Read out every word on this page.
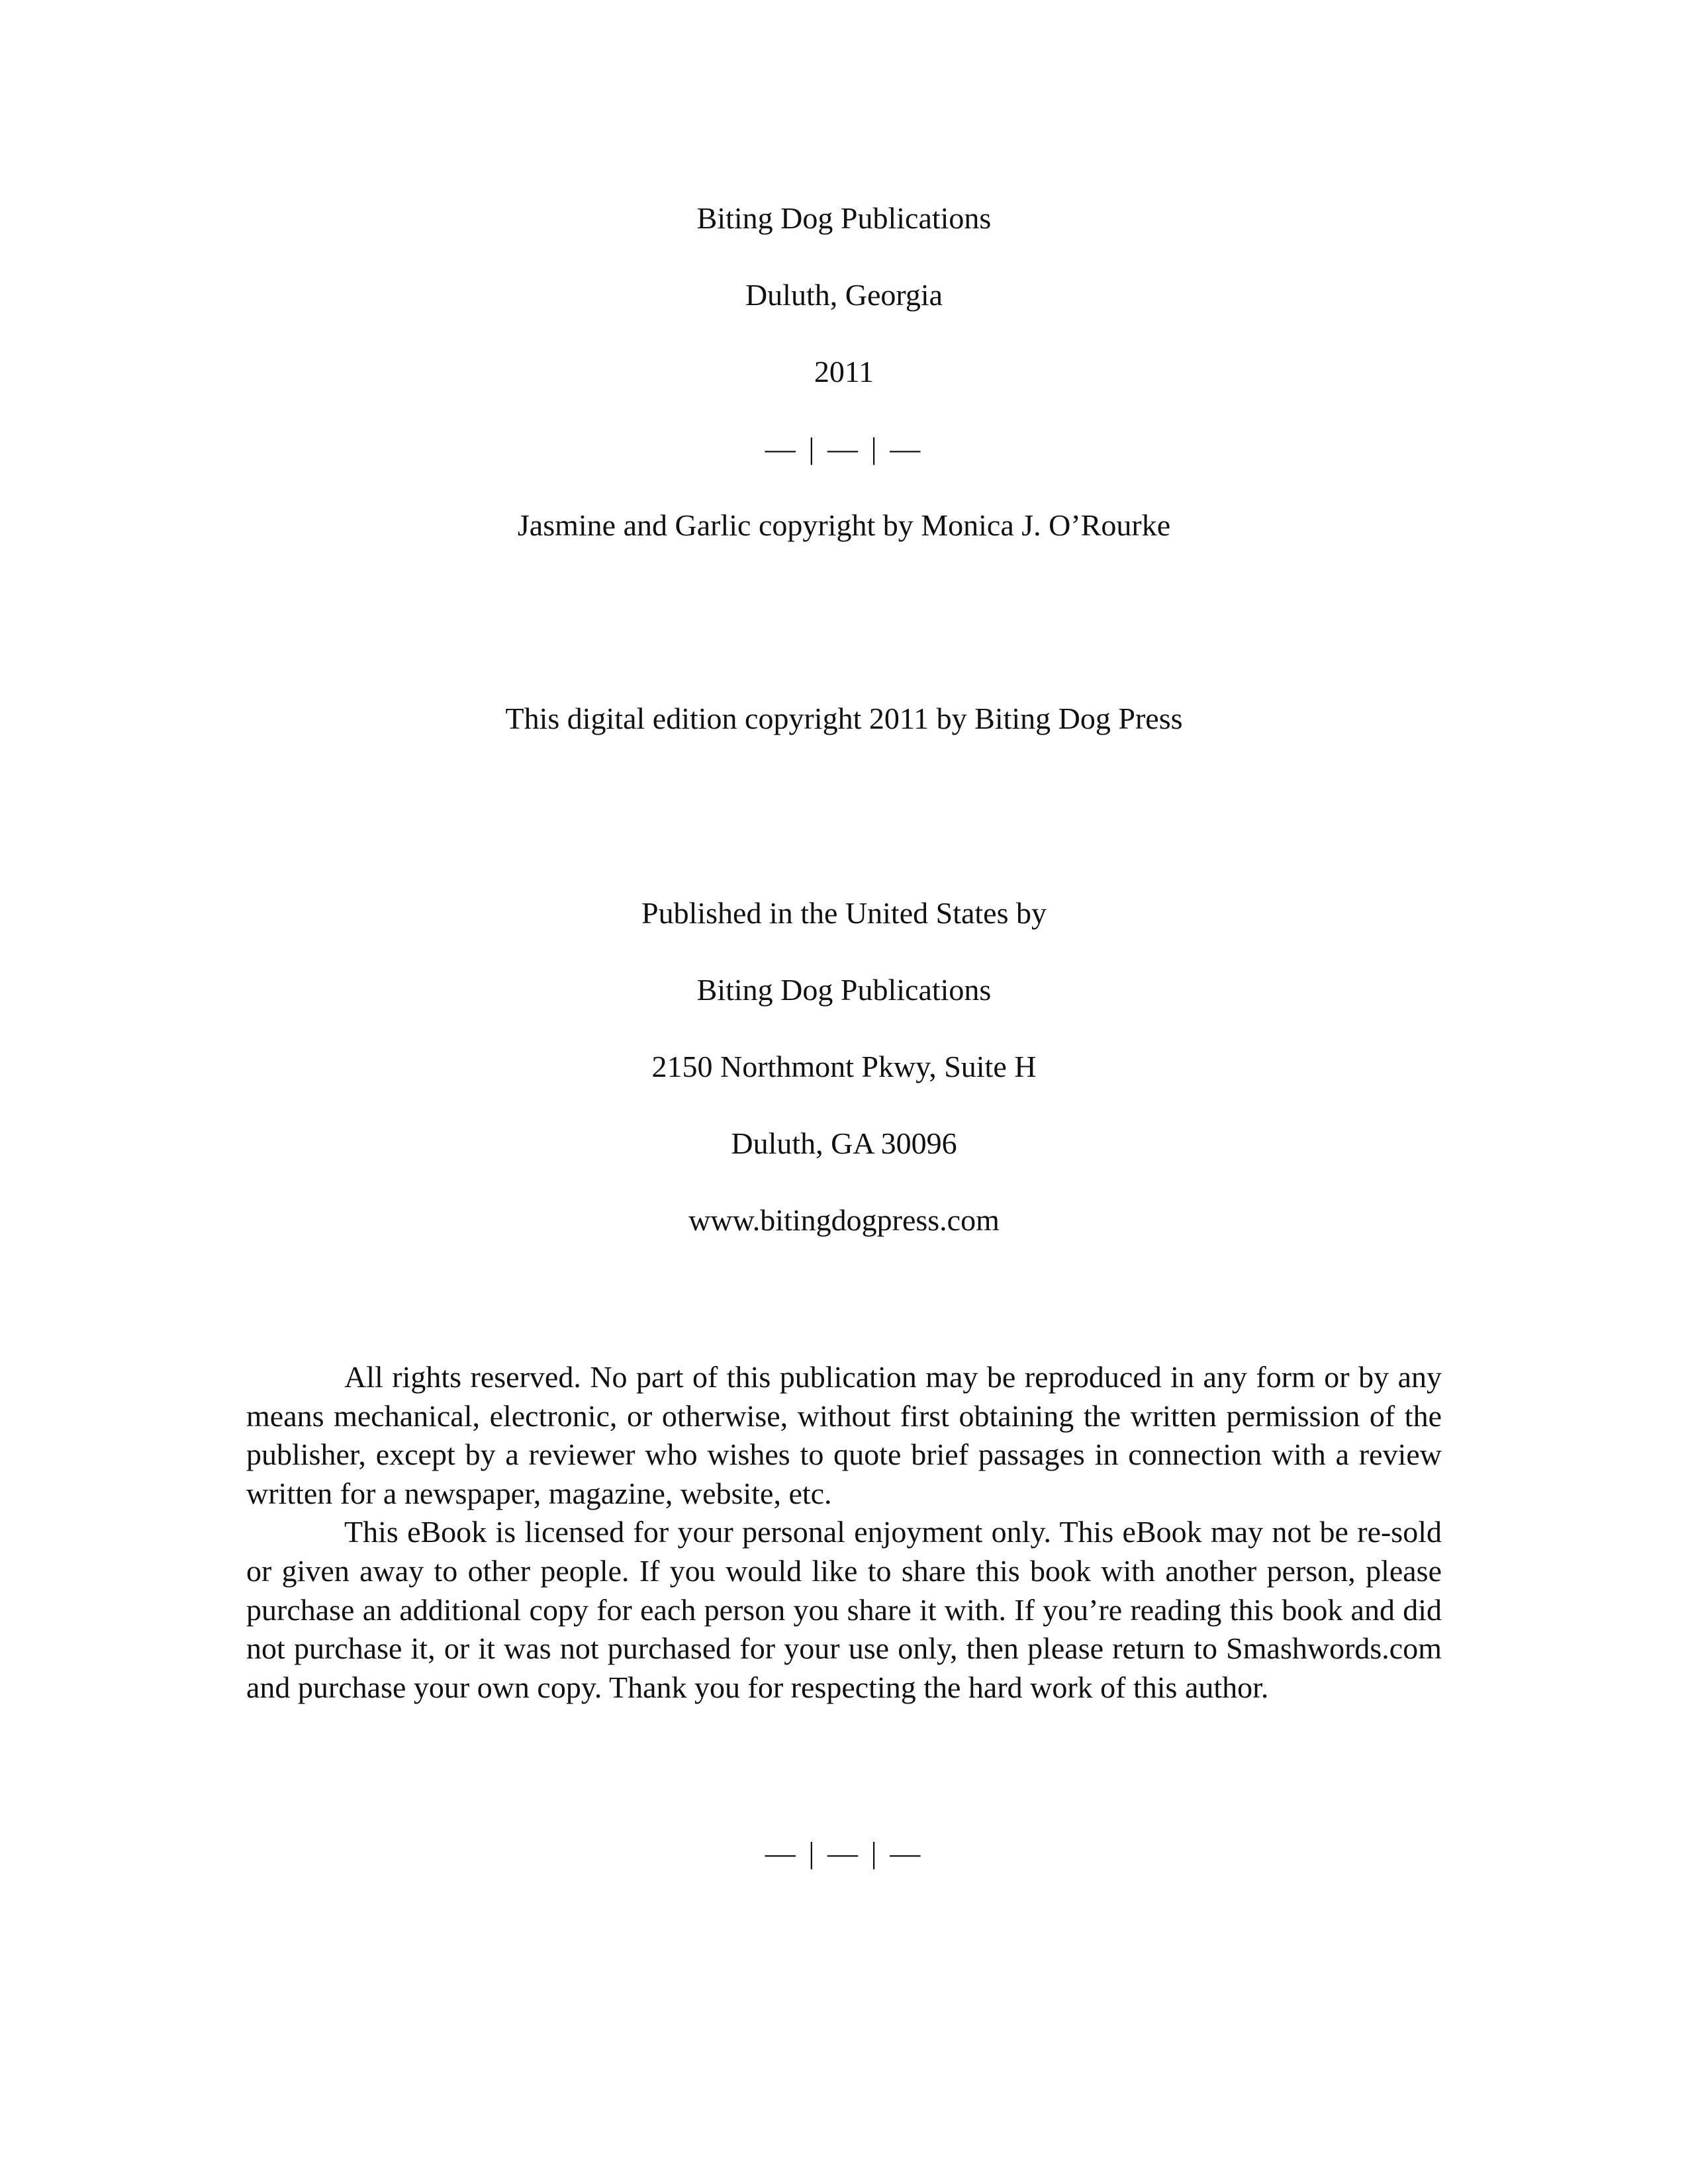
Biting Dog Publications
Duluth, Georgia
2011
— | — | —
Jasmine and Garlic copyright by Monica J. O’Rourke
This digital edition copyright 2011 by Biting Dog Press
Published in the United States by
Biting Dog Publications
2150 Northmont Pkwy, Suite H
Duluth, GA 30096
www.bitingdogpress.com

All rights reserved. No part of this publication may be reproduced in any form or by any means mechanical, electronic, or otherwise, without first obtaining the written permission of the publisher, except by a reviewer who wishes to quote brief passages in connection with a review written for a newspaper, magazine, website, etc.

This eBook is licensed for your personal enjoyment only. This eBook may not be re-sold or given away to other people. If you would like to share this book with another person, please purchase an additional copy for each person you share it with. If you’re reading this book and did not purchase it, or it was not purchased for your use only, then please return to Smashwords.com and purchase your own copy. Thank you for respecting the hard work of this author.

— | — | —
